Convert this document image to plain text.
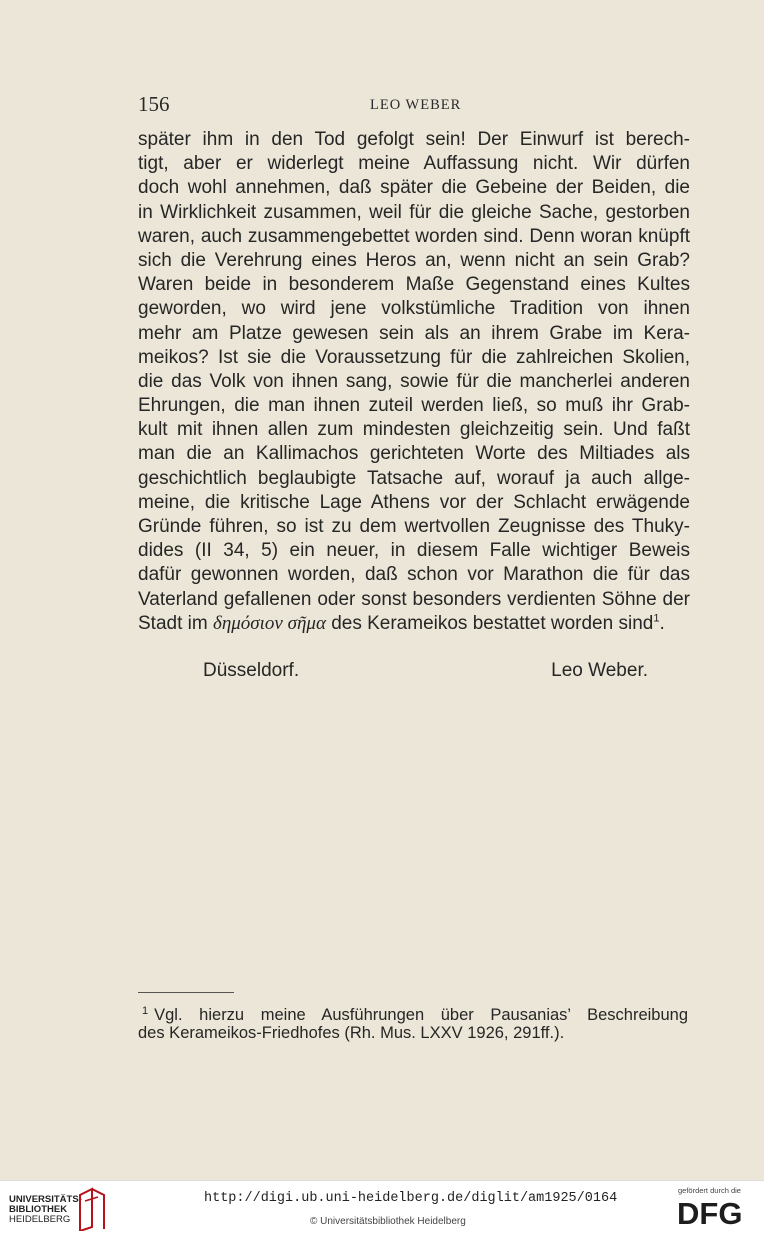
156	LEO WEBER
später ihm in den Tod gefolgt sein! Der Einwurf ist berech-
tigt, aber er widerlegt meine Auffassung nicht. Wir dürfen
doch wohl annehmen, daß später die Gebeine der Beiden, die
in Wirklichkeit zusammen, weil für die gleiche Sache, gestorben
waren, auch zusammengebettet worden sind. Denn woran knüpft
sich die Verehrung eines Heros an, wenn nicht an sein Grab?
Waren beide in besonderem Maße Gegenstand eines Kultes
geworden, wo wird jene volkstümliche Tradition von ihnen
mehr am Platze gewesen sein als an ihrem Grabe im Kera-
meikos? Ist sie die Voraussetzung für die zahlreichen Skolien,
die das Volk von ihnen sang, sowie für die mancherlei anderen
Ehrungen, die man ihnen zuteil werden ließ, so muß ihr Grab-
kult mit ihnen allen zum mindesten gleichzeitig sein. Und faßt
man die an Kallimachos gerichteten Worte des Miltiades als
geschichtlich beglaubigte Tatsache auf, worauf ja auch allge-
meine, die kritische Lage Athens vor der Schlacht erwägende
Gründe führen, so ist zu dem wertvollen Zeugnisse des Thuky-
dides (II 34, 5) ein neuer, in diesem Falle wichtiger Beweis
dafür gewonnen worden, daß schon vor Marathon die für das
Vaterland gefallenen oder sonst besonders verdienten Söhne der
Stadt im δημόσιον σῆμα des Kerameikos bestattet worden sind$^1$.
Düsseldorf.	Leo Weber.
$^1$ Vgl. hierzu meine Ausführungen über Pausanias’ Beschreibung
des Kerameikos-Friedhofes (Rh. Mus. LXXV 1926, 291ff.).
UNIVERSITÄTS-
BIBLIOTHEK
HEIDELBERG
http://digi.ub.uni-heidelberg.de/diglit/am1925/0164
© Universitätsbibliothek Heidelberg
gefördert durch die
DFG
